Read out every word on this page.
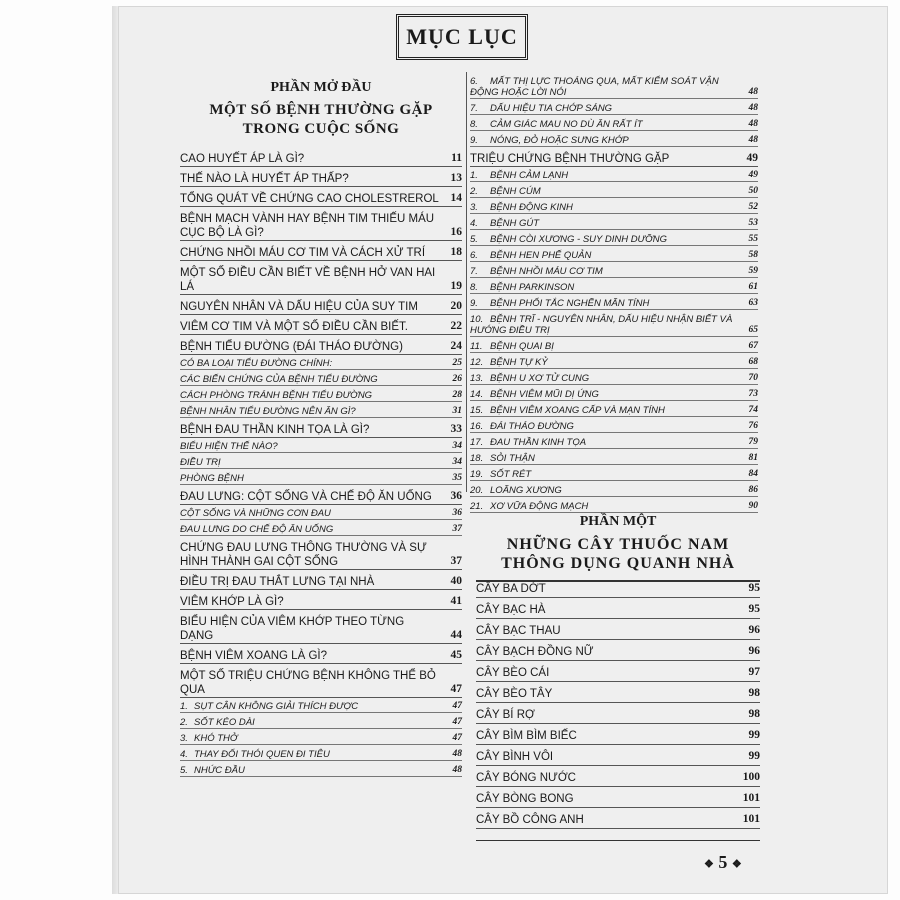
MỤC LỤC

PHẦN MỞ ĐẦU

MỘT SỐ BỆNH THƯỜNG GẶP

TRONG CUỘC SỐNG

CAO HUYẾT ÁP LÀ GÌ?	11
THẾ NÀO LÀ HUYẾT ÁP THẤP?	13
TỔNG QUÁT VỀ CHỨNG CAO CHOLESTREROL 14
BỆNH MẠCH VÀNH HAY BỆNH TIM THIẾU MÁU CỤC BỘ LÀ GÌ?	16
CHỨNG NHỒI MÁU CƠ TIM VÀ CÁCH XỬ TRÍ 18
MỘT SỐ ĐIỀU CẦN BIẾT VỀ BỆNH HỞ VAN HAI LÁ	19
NGUYÊN NHÂN VÀ DẤU HIỆU CỦA SUY TIM	20
VIÊM CƠ TIM VÀ MỘT SỐ ĐIỀU CẦN BIẾT.	22
BỆNH TIỂU ĐƯỜNG (ĐÁI THÁO ĐƯỜNG)	24
CÓ BA LOẠI TIỂU ĐƯỜNG CHÍNH:	25
CÁC BIẾN CHỨNG CỦA BỆNH TIỂU ĐƯỜNG	26
CÁCH PHÒNG TRÁNH BỆNH TIỂU ĐƯỜNG	28
BỆNH NHÂN TIỂU ĐƯỜNG NÊN ĂN GÌ?	31
BỆNH ĐAU THẦN KINH TỌA LÀ GÌ?	33
BIỂU HIỆN THẾ NÀO?	34
ĐIỀU TRỊ	34
PHÒNG BỆNH	35
ĐAU LƯNG: CỘT SỐNG VÀ CHẾ ĐỘ ĂN UỐNG 36
CỘT SỐNG VÀ NHỮNG CƠN ĐAU	36
ĐAU LƯNG DO CHẾ ĐỘ ĂN UỐNG	37
CHỨNG ĐAU LƯNG THÔNG THƯỜNG VÀ SỰ HÌNH THÀNH GAI CỘT SỐNG	37
ĐIỀU TRỊ ĐAU THẮT LƯNG TẠI NHÀ	40
VIÊM KHỚP LÀ GÌ?	41
BIỂU HIỆN CỦA VIÊM KHỚP THEO TỪNG DẠNG	44
BỆNH VIÊM XOANG LÀ GÌ?	45
MỘT SỐ TRIỆU CHỨNG BỆNH KHÔNG THỂ BỎ QUA	47
1. SỤT CÂN KHÔNG GIẢI THÍCH ĐƯỢC	47
2. SỐT KÉO DÀI	47
3. KHÓ THỞ	47
4. THAY ĐỔI THÓI QUEN ĐI TIÊU	48
5. NHỨC ĐẦU	48
6. MẤT THỊ LỰC THOÁNG QUA, MẤT KIỂM SOÁT VẬN ĐỘNG HOẶC LỜI NÓI	48
7. DẤU HIỆU TIA CHỚP SÁNG	48
8. CẢM GIÁC MAU NO DÙ ĂN RẤT ÍT	48
9. NÓNG, ĐỎ HOẶC SƯNG KHỚP	48
TRIỆU CHỨNG BỆNH THƯỜNG GẶP	49
1. BỆNH CẢM LẠNH	49
2. BỆNH CÚM	50
3. BỆNH ĐỘNG KINH	52
4. BỆNH GÚT	53
5. BỆNH CÒI XƯƠNG - SUY DINH DƯỠNG	55
6. BỆNH HEN PHẾ QUẢN	58
7. BỆNH NHỒI MÁU CƠ TIM	59
8. BỆNH PARKINSON	61
9. BỆNH PHỔI TẮC NGHẼN MÃN TÍNH	63
10. BỆNH TRĨ - NGUYÊN NHÂN, DẤU HIỆU NHẬN BIẾT VÀ HƯỚNG ĐIỀU TRỊ	65
11. BỆNH QUAI BỊ	67
12. BỆNH TỰ KỶ	68
13. BỆNH U XƠ TỬ CUNG	70
14. BỆNH VIÊM MŨI DỊ ỨNG	73
15. BỆNH VIÊM XOANG CẤP VÀ MẠN TÍNH	74
16. ĐÁI THÁO ĐƯỜNG	76
17. ĐAU THẦN KINH TỌA	79
18. SỎI THẬN	81
19. SỐT RÉT	84
20. LOÃNG XƯƠNG	86
21. XƠ VỮA ĐỘNG MẠCH	90

PHẦN MỘT

NHỮNG CÂY THUỐC NAM

THÔNG DỤNG QUANH NHÀ

CÂY BA DỚT	95
CÂY BẠC HÀ	95
CÂY BẠC THAU	96
CÂY BẠCH ĐỒNG NỮ	96
CÂY BÈO CÁI	97
CÂY BÈO TÂY	98
CÂY BÍ RỢ	98
CÂY BÌM BÌM BIẾC	99
CÂY BÌNH VÔI	99
CÂY BÓNG NƯỚC	100
CÂY BÒNG BONG	101
CÂY BỒ CÔNG ANH	101
❖ 5 ❖
